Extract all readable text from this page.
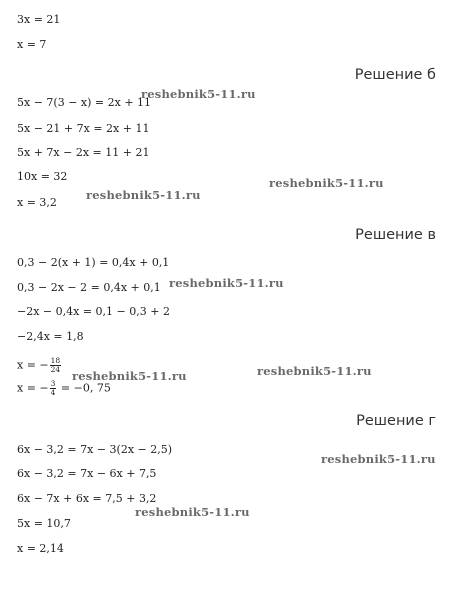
3x = 21
x = 7
Решение б
5x − 7(3 − x) = 2x + 11
5x − 21 + 7x = 2x + 11
5x + 7x − 2x = 11 + 21
10x = 32
x = 3,2
Решение в
0,3 − 2(x + 1) = 0,4x + 0,1
0,3 − 2x − 2 = 0,4x + 0,1
−2x − 0,4x = 0,1 − 0,3 + 2
−2,4x = 1,8
x = − $\frac{18}{24}$
x = − $\frac{3}{4} = -0$, 75
Решение г
6x − 3,2 = 7x − 3(2x − 2,5)
6x − 3,2 = 7x − 6x + 7,5
6x − 7x + 6x = 7,5 + 3,2
5x = 10,7
x = 2,14
reshebnik5-11.ru
reshebnik5-11.ru
reshebnik5-11.ru
reshebnik5-11.ru
reshebnik5-11.ru
reshebnik5-11.ru
reshebnik5-11.ru
reshebnik5-11.ru
